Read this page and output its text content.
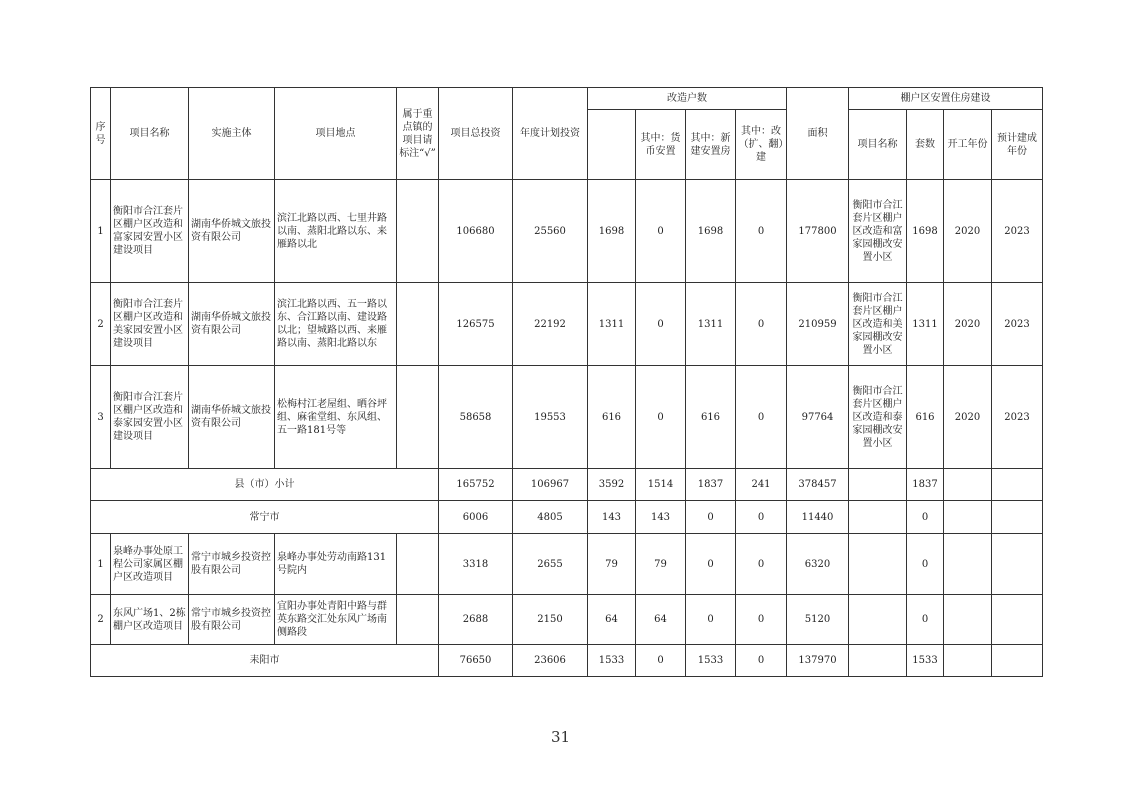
序号	项目名称	实施主体	项目地点	属于重点镇的项目请标注“√”	项目总投资	年度计划投资	改造户数				面积	棚户区安置住房建设			
								其中：货币安置	其中：新建安置房	其中：改（扩、翻）建		项目名称	套数	开工年份	预计建成年份
1	衡阳市合江套片区棚户区改造和富家园安置小区建设项目	湖南华侨城文旅投资有限公司	滨江北路以西、七里井路以南、蒸阳北路以东、来雁路以北		106680	25560	1698	0	1698	0	177800	衡阳市合江套片区棚户区改造和富家园棚改安置小区	1698	2020	2023
2	衡阳市合江套片区棚户区改造和美家园安置小区建设项目	湖南华侨城文旅投资有限公司	滨江北路以西、五一路以东、合江路以南、建设路以北；望城路以西、来雁路以南、蒸阳北路以东		126575	22192	1311	0	1311	0	210959	衡阳市合江套片区棚户区改造和美家园棚改安置小区	1311	2020	2023
3	衡阳市合江套片区棚户区改造和泰家园安置小区建设项目	湖南华侨城文旅投资有限公司	松梅村江老屋组、晒谷坪组、麻雀堂组、东风组、五一路181号等		58658	19553	616	0	616	0	97764	衡阳市合江套片区棚户区改造和泰家园棚改安置小区	616	2020	2023
县（市）小计					165752	106967	3592	1514	1837	241	378457		1837		
常宁市					6006	4805	143	143	0	0	11440		0		
1	泉峰办事处原工程公司家属区棚户区改造项目	常宁市城乡投资控股有限公司	泉峰办事处劳动南路131号院内		3318	2655	79	79	0	0	6320		0		
2	东风广场1、2栋棚户区改造项目	常宁市城乡投资控股有限公司	宜阳办事处青阳中路与群英东路交汇处东风广场南侧路段		2688	2150	64	64	0	0	5120		0		
耒阳市					76650	23606	1533	0	1533	0	137970		1533		
31
